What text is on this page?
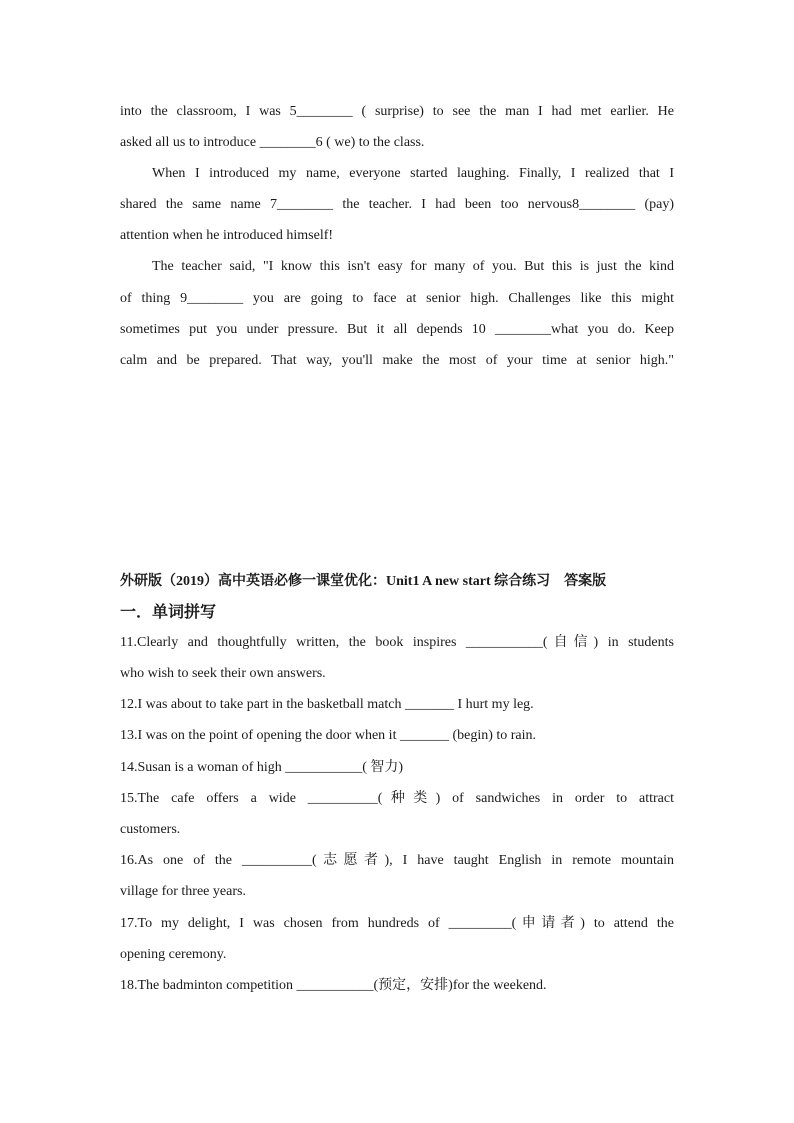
into the classroom, I was 5________ ( surprise) to see the man I had met earlier. He
asked all us to introduce ________6 ( we) to the class.
When I introduced my name, everyone started laughing. Finally, I realized that I
shared the same name 7________ the teacher. I had been too nervous8________ (pay)
attention when he introduced himself!
The teacher said, "I know this isn't easy for many of you. But this is just the kind
of thing 9________ you are going to face at senior high. Challenges like this might
sometimes put you under pressure. But it all depends 10 ________what you do. Keep
calm and be prepared. That way, you'll make the most of your time at senior high."
外研版（2019）高中英语必修一课堂优化：Unit1 A new start 综合练习　答案版
一．单词拼写
11.Clearly and thoughtfully written, the book inspires ___________(自信) in students
who wish to seek their own answers.
12.I was about to take part in the basketball match _______ I hurt my leg.
13.I was on the point of opening the door when it _______ (begin) to rain.
14.Susan is a woman of high ___________( 智力)
15.The cafe offers a wide __________(种类) of sandwiches in order to attract
customers.
16.As one of the __________(志愿者), I have taught English in remote mountain
village for three years.
17.To my delight, I was chosen from hundreds of _________(申请者) to attend the
opening ceremony.
18.The badminton competition ___________(预定，安排)for the weekend.
